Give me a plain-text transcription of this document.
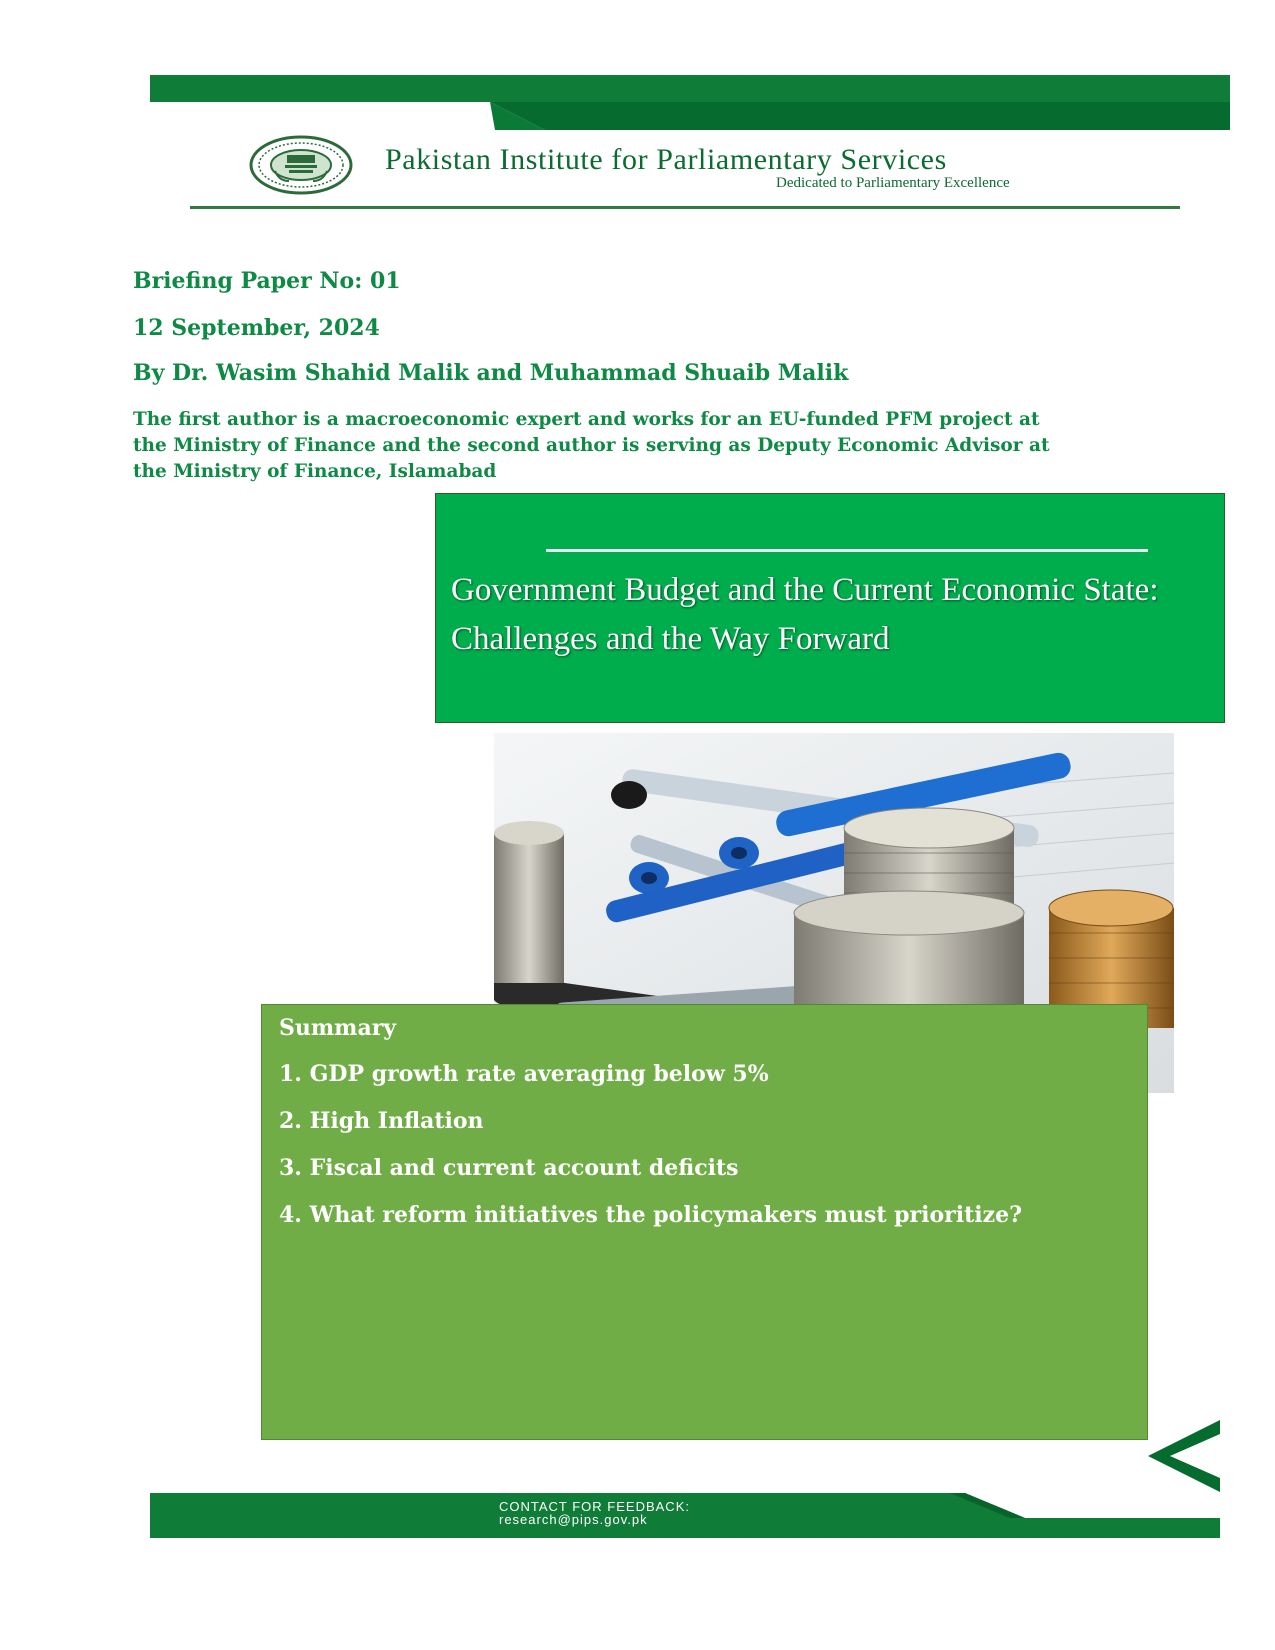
Pakistan Institute for Parliamentary Services
Dedicated to Parliamentary Excellence
Briefing Paper No: 01
12 September, 2024
By Dr. Wasim Shahid Malik and Muhammad Shuaib Malik
The first author is a macroeconomic expert and works for an EU-funded PFM project at the Ministry of Finance and the second author is serving as Deputy Economic Advisor at the Ministry of Finance, Islamabad
Government Budget and the Current Economic State: Challenges and the Way Forward
Summary
1. GDP growth rate averaging below 5%
2. High Inflation
3. Fiscal and current account deficits
4. What reform initiatives the policymakers must prioritize?
CONTACT FOR FEEDBACK:
research@pips.gov.pk
